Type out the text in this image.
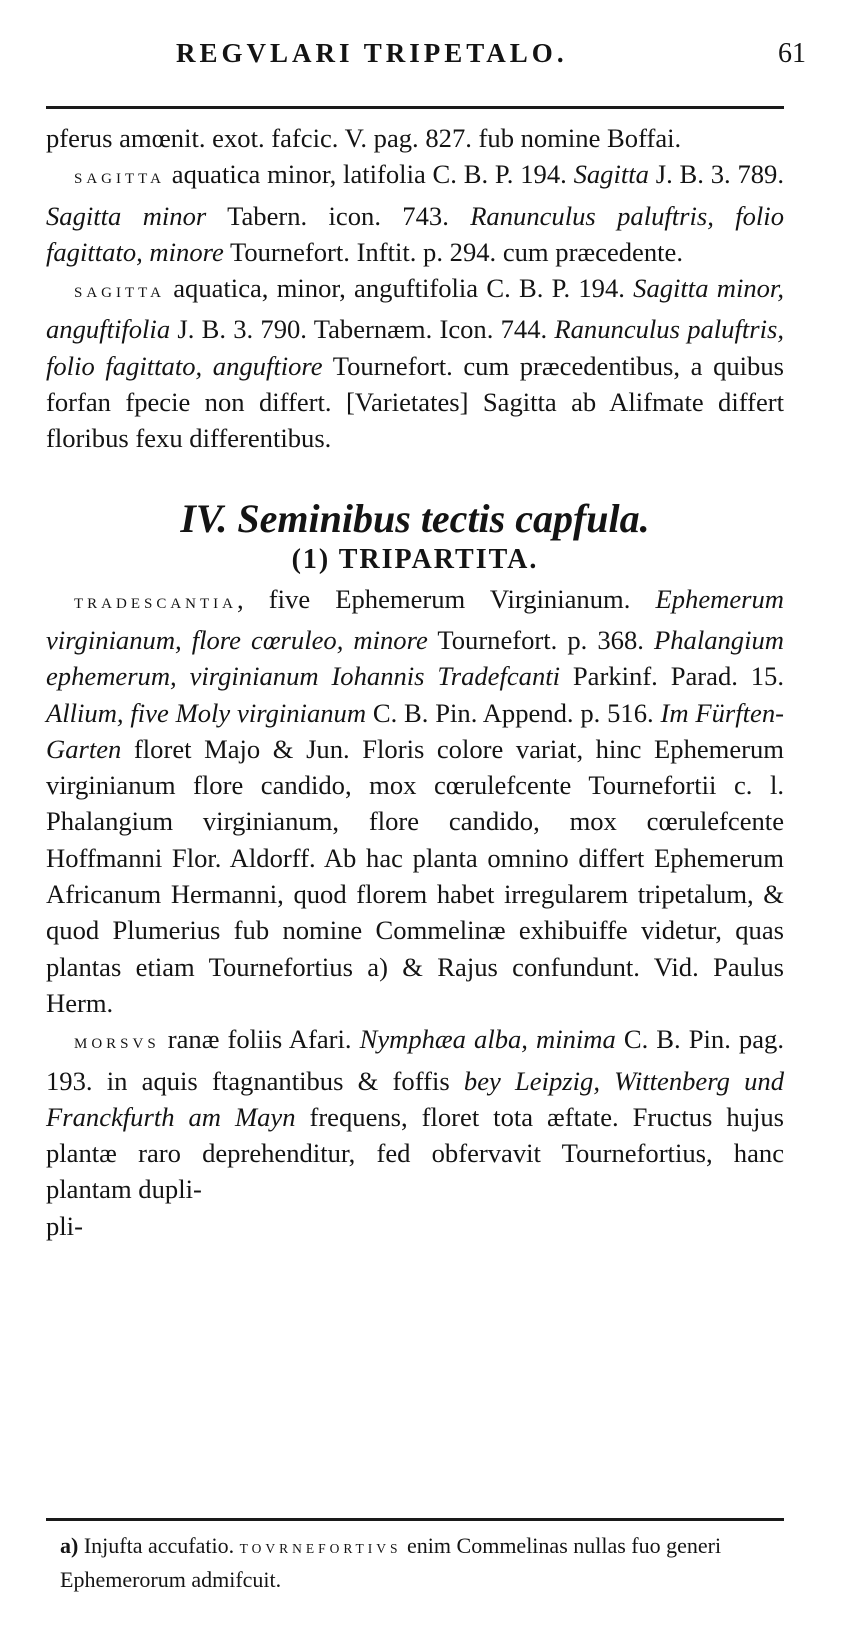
REGVLARI TRIPETALO.	61

pferus amœnit. exot. fafcic. V. pag. 827. fub nomine Boffai.

SAGITTA aquatica minor, latifolia C. B. P. 194. Sagitta J. B. 3. 789. Sagitta minor Tabern. icon. 743. Ranunculus paluftris, folio fagittato, minore Tournefort. Inftit. p. 294. cum præcedente.

SAGITTA aquatica, minor, anguftifolia C. B. P. 194. Sagitta minor, anguftifolia J. B. 3. 790. Tabernæm. Icon. 744. Ranunculus paluftris, folio fagittato, anguftiore Tournefort. cum præcedentibus, a quibus forfan fpecie non differt. [Varietates] Sagitta ab Alifmate differt floribus fexu differentibus.

IV. Seminibus tectis capfula.
(1) TRIPARTITA.

TRADESCANTIA, five Ephemerum Virginianum. Ephemerum virginianum, flore cœruleo, minore Tournefort. p. 368. Phalangium ephemerum, virginianum Iohannis Tradefcanti Parkinf. Parad. 15. Allium, five Moly virginianum C. B. Pin. Append. p. 516. Im Fürften-Garten floret Majo & Jun. Floris colore variat, hinc Ephemerum virginianum flore candido, mox cœrulefcente Tournefortii c. l. Phalangium virginianum, flore candido, mox cœrulefcente Hoffmanni Flor. Aldorff. Ab hac planta omnino differt Ephemerum Africanum Hermanni, quod florem habet irregularem tripetalum, & quod Plumerius fub nomine Commelinæ exhibuiffe videtur, quas plantas etiam Tournefortius a) & Rajus confundunt. Vid. Paulus Herm.

MORSVS ranæ foliis Afari. Nymphæa alba, minima C. B. Pin. pag. 193. in aquis ftagnantibus & foffis bey Leipzig, Wittenberg und Franckfurth am Mayn frequens, floret tota æftate. Fructus hujus plantæ raro deprehenditur, fed obfervavit Tournefortius, hanc plantam dupli-

pli-

a) Injufta accufatio. TOVRNEFORTIVS enim Commelinas nullas fuo generi Ephemerorum admifcuit.
